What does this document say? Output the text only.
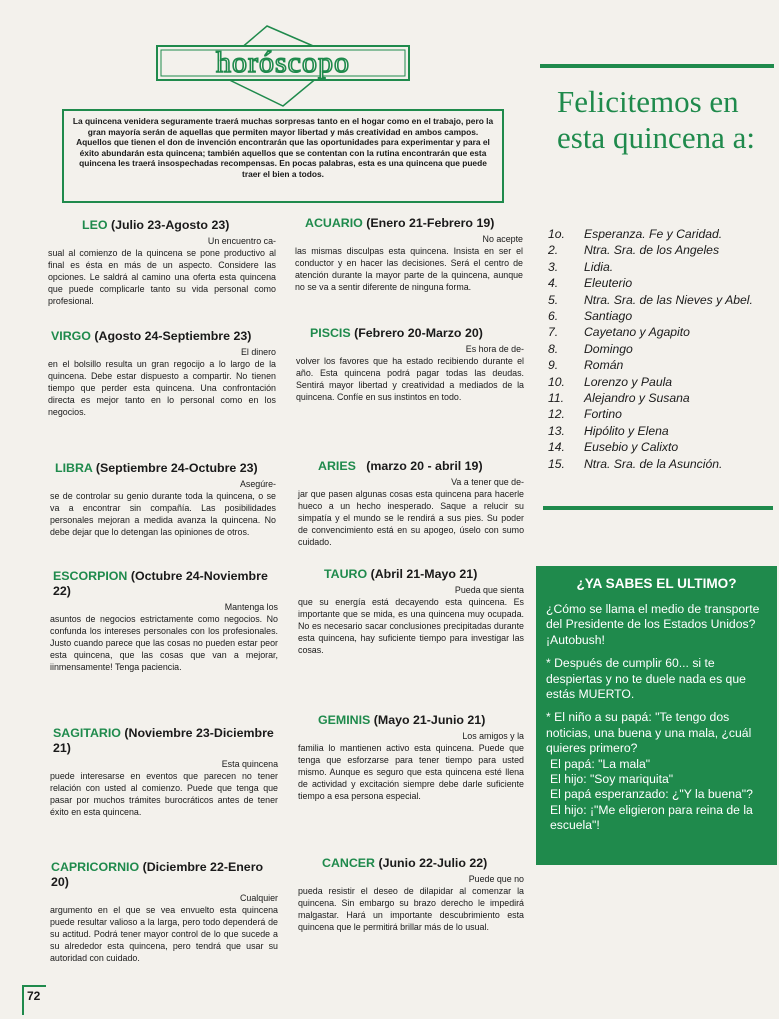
horóscopo

La quincena venidera seguramente traerá muchas sorpresas tanto en el hogar como en el trabajo, pero la gran mayoría serán de aquellas que permiten mayor libertad y más creatividad en ambos campos.

Aquellos que tienen el don de invención encontrarán que las oportunidades para experimentar y para el éxito abundarán esta quincena; también aquellos que se contentan con la rutina encontrarán que esta quincena les traerá insospechadas recompensas. En pocas palabras, esta es una quincena que puede traer el bien a todos.

LEO (Julio 23-Agosto 23)

Un encuentro ca-
sual al comienzo de la quincena se pone productivo al final es ésta en más de un aspecto. Considere las opciones. Le saldrá al camino una oferta esta quincena que puede complicarle tanto su vida personal como profesional.

VIRGO (Agosto 24-Septiembre 23)

El dinero
en el bolsillo resulta un gran regocijo a lo largo de la quincena. Debe estar dispuesto a compartir. No tienen tiempo que perder esta quincena. Una confrontación directa es mejor tanto en lo personal como en los negocios.

LIBRA (Septiembre 24-Octubre 23)

Asegúre-
se de controlar su genio durante toda la quincena, o se va a encontrar sin compañía. Las posibilidades personales mejoran a medida avanza la quincena. No debe dejar que lo detengan las opiniones de otros.

ESCORPION (Octubre 24-Noviembre 22)

Mantenga los
asuntos de negocios estrictamente como negocios. No confunda los intereses personales con los profesionales. Justo cuando parece que las cosas no pueden estar peor esta quincena, que las cosas que van a mejorar, iinmensamente! Tenga paciencia.

SAGITARIO (Noviembre 23-Diciembre 21)

Esta quincena
puede interesarse en eventos que parecen no tener relación con usted al comienzo. Puede que tenga que pasar por muchos trámites burocráticos antes de tener éxito en esta quincena.

CAPRICORNIO (Diciembre 22-Enero 20)

Cualquier
argumento en el que se vea envuelto esta quincena puede resultar valioso a la larga, pero todo dependerá de su actitud. Podrá tener mayor control de lo que sucede a su alrededor esta quincena, pero tendrá que usar su autoridad con cuidado.

ACUARIO (Enero 21-Febrero 19)

No acepte
las mismas disculpas esta quincena. Insista en ser el conductor y en hacer las decisiones. Será el centro de atención durante la mayor parte de la quincena, aunque no se va a sentir diferente de ninguna forma.

PISCIS (Febrero 20-Marzo 20)

Es hora de de-
volver los favores que ha estado recibiendo durante el año. Esta quincena podrá pagar todas las deudas. Sentirá mayor libertad y creatividad a mediados de la quincena. Confíe en sus instintos en todo.

ARIES (marzo 20 - abril 19)

Va a tener que de-
jar que pasen algunas cosas esta quincena para hacerle hueco a un hecho inesperado. Saque a relucir su simpatía y el mundo se le rendirá a sus pies. Su poder de convencimiento está en su apogeo, úselo con sumo cuidado.

TAURO (Abril 21-Mayo 21)

Pueda que sienta
que su energía está decayendo esta quincena. Es importante que se mida, es una quincena muy ocupada. No es necesario sacar conclusiones precipitadas durante esta quincena, hay suficiente tiempo para investigar las cosas.

GEMINIS (Mayo 21-Junio 21)

Los amigos y la
familia lo mantienen activo esta quincena. Puede que tenga que esforzarse para tener tiempo para usted mismo. Aunque es seguro que esta quincena esté llena de actividad y excitación siempre debe darle suficiente tiempo a esa persona especial.

CANCER (Junio 22-Julio 22)

Puede que no
pueda resistir el deseo de dilapidar al comenzar la quincena. Sin embargo su brazo derecho le impedirá malgastar. Hará un importante descubrimiento esta quincena que le permitirá brillar más de lo usual.

Felicitemos en esta quincena a:
1o. Esperanza. Fe y Caridad.
2. Ntra. Sra. de los Angeles
3. Lidia.
4. Eleuterio
5. Ntra. Sra. de las Nieves y Abel.
6. Santiago
7. Cayetano y Agapito
8. Domingo
9. Román
10. Lorenzo y Paula
11. Alejandro y Susana
12. Fortino
13. Hipólito y Elena
14. Eusebio y Calixto
15. Ntra. Sra. de la Asunción.
¿YA SABES EL ULTIMO?

¿Cómo se llama el medio de transporte del Presidente de los Estados Unidos? ¡Autobush!

* Después de cumplir 60... si te despiertas y no te duele nada es que estás MUERTO.

* El niño a su papá: "Te tengo dos noticias, una buena y una mala, ¿cuál quieres primero?

El papá: "La mala"

El hijo: "Soy mariquita"

El papá esperanzado: ¿"Y la buena"?

El hijo: ¡"Me eligieron para reina de la escuela"!

72
